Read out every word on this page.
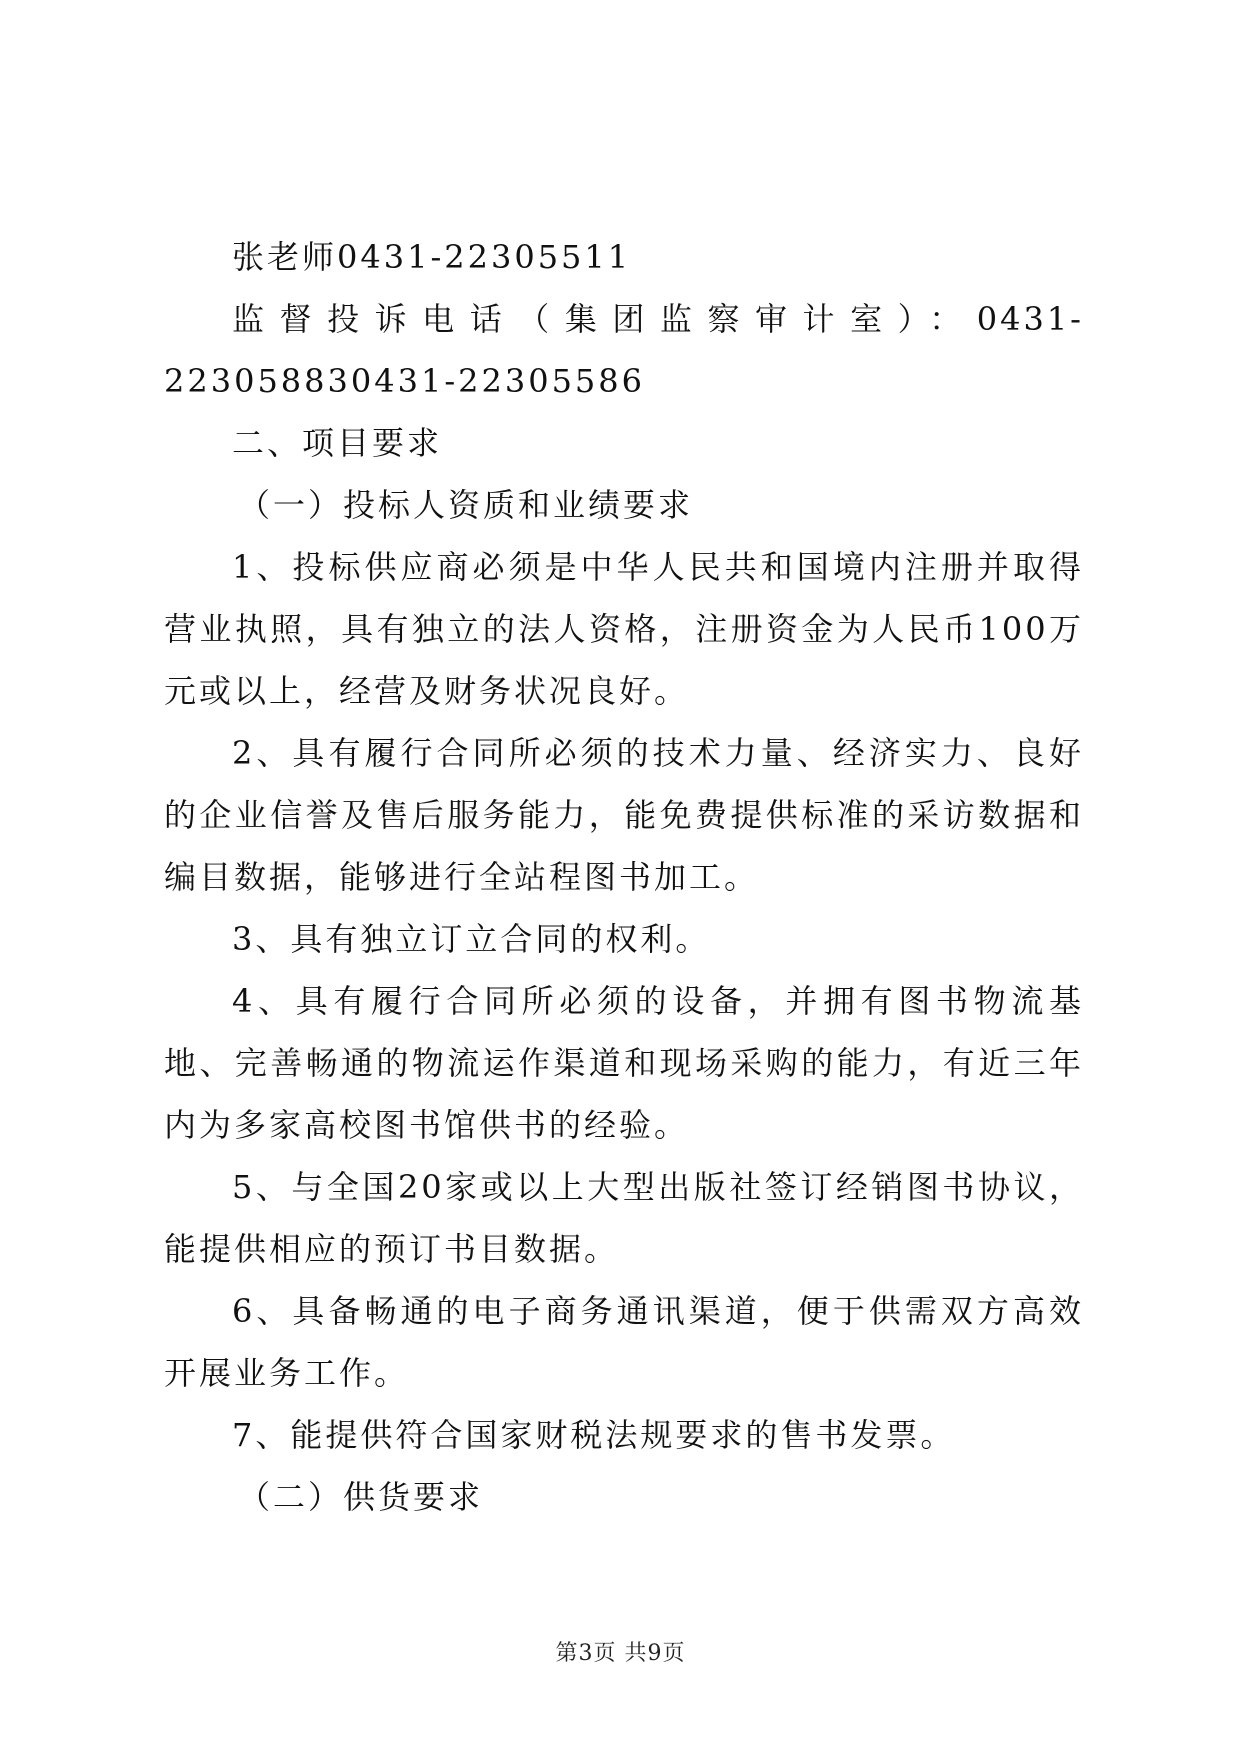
张老师0431-22305511

监督投诉电话（集团监察审计室）：0431-223058830431-22305586

二、项目要求

（一）投标人资质和业绩要求

1、投标供应商必须是中华人民共和国境内注册并取得营业执照，具有独立的法人资格，注册资金为人民币100万元或以上，经营及财务状况良好。

2、具有履行合同所必须的技术力量、经济实力、良好的企业信誉及售后服务能力，能免费提供标准的采访数据和编目数据，能够进行全站程图书加工。

3、具有独立订立合同的权利。

4、具有履行合同所必须的设备，并拥有图书物流基地、完善畅通的物流运作渠道和现场采购的能力，有近三年内为多家高校图书馆供书的经验。

5、与全国20家或以上大型出版社签订经销图书协议，能提供相应的预订书目数据。

6、具备畅通的电子商务通讯渠道，便于供需双方高效开展业务工作。

7、能提供符合国家财税法规要求的售书发票。

（二）供货要求

第3页 共9页
